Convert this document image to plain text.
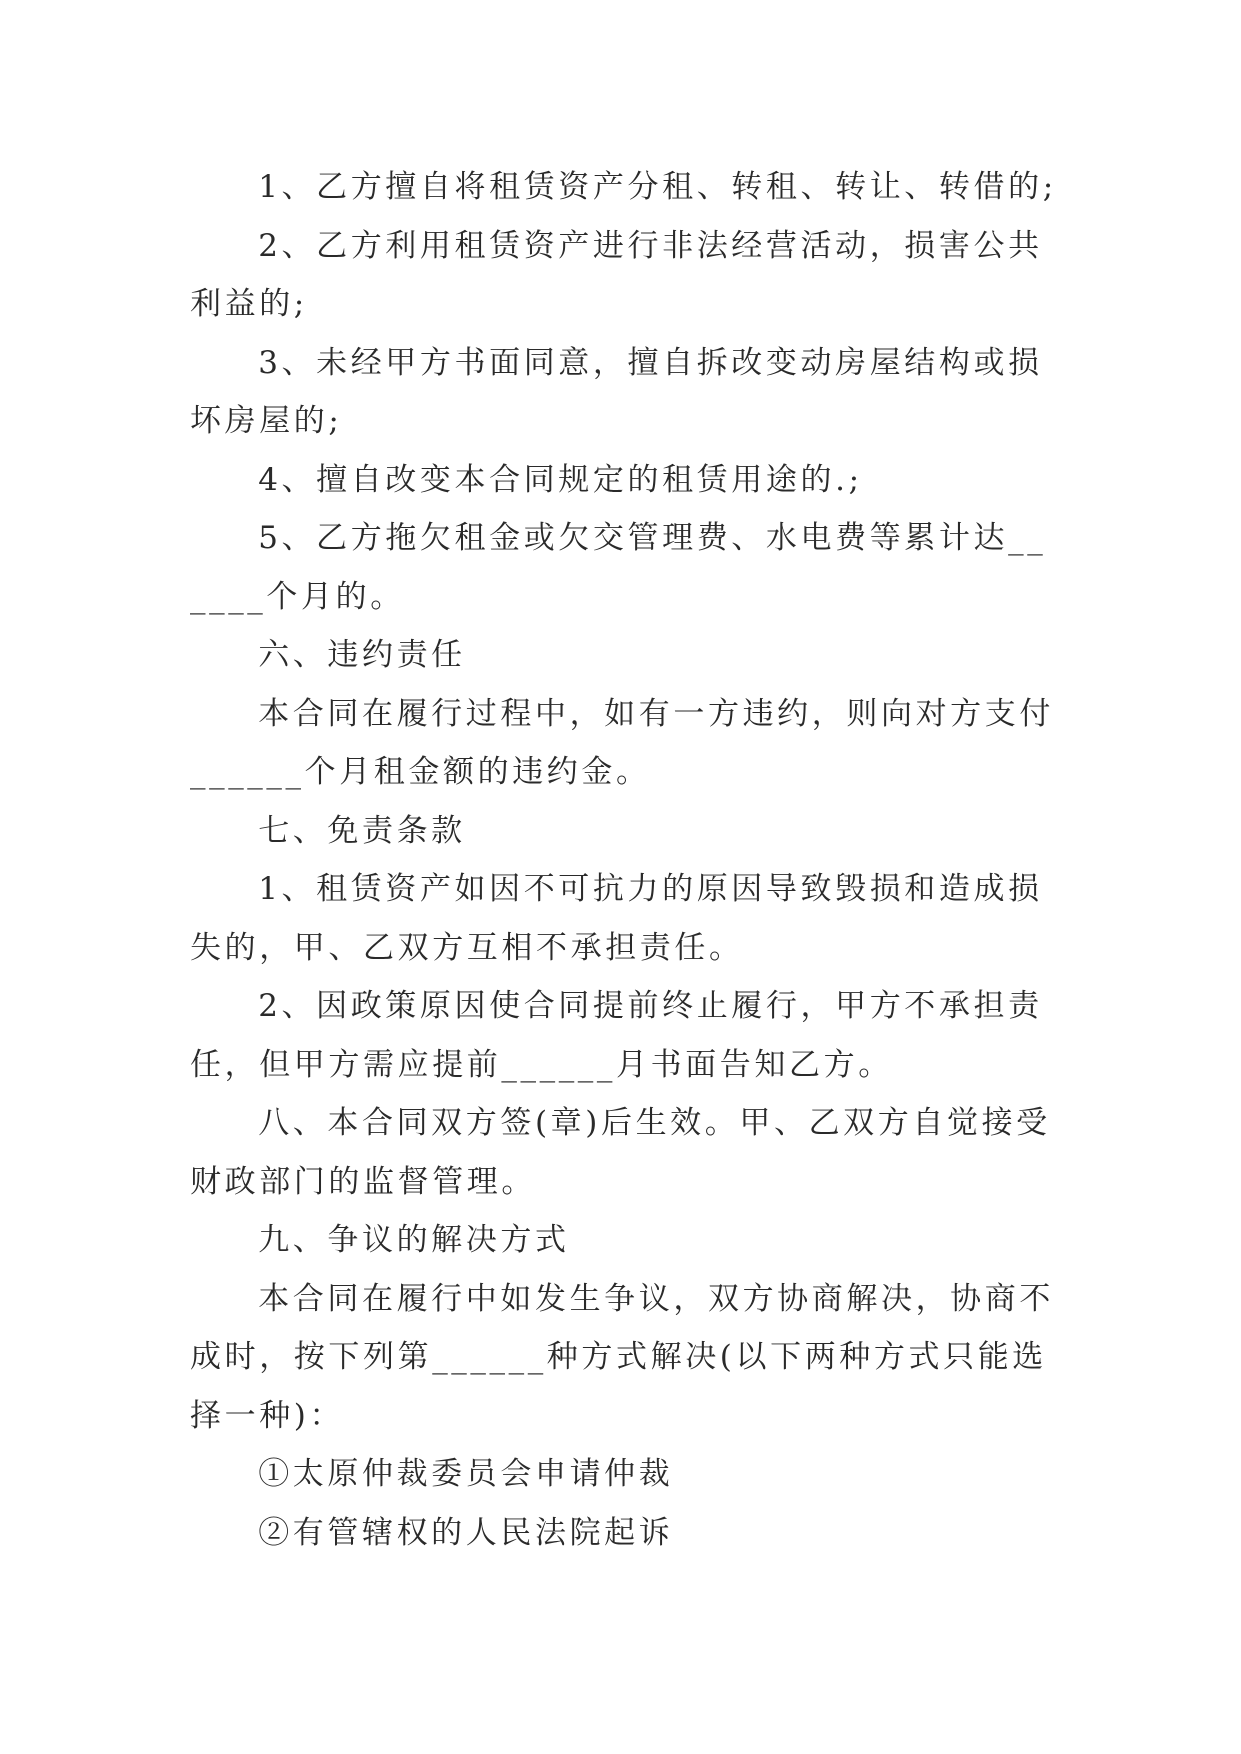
1、乙方擅自将租赁资产分租、转租、转让、转借的;

2、乙方利用租赁资产进行非法经营活动，损害公共利益的;

3、未经甲方书面同意，擅自拆改变动房屋结构或损坏房屋的;

4、擅自改变本合同规定的租赁用途的.;

5、乙方拖欠租金或欠交管理费、水电费等累计达______个月的。

六、违约责任

本合同在履行过程中，如有一方违约，则向对方支付______个月租金额的违约金。

七、免责条款

1、租赁资产如因不可抗力的原因导致毁损和造成损失的，甲、乙双方互相不承担责任。

2、因政策原因使合同提前终止履行，甲方不承担责任，但甲方需应提前______月书面告知乙方。

八、本合同双方签(章)后生效。甲、乙双方自觉接受财政部门的监督管理。

九、争议的解决方式

本合同在履行中如发生争议，双方协商解决，协商不成时，按下列第______种方式解决(以下两种方式只能选择一种)：

①太原仲裁委员会申请仲裁

②有管辖权的人民法院起诉
